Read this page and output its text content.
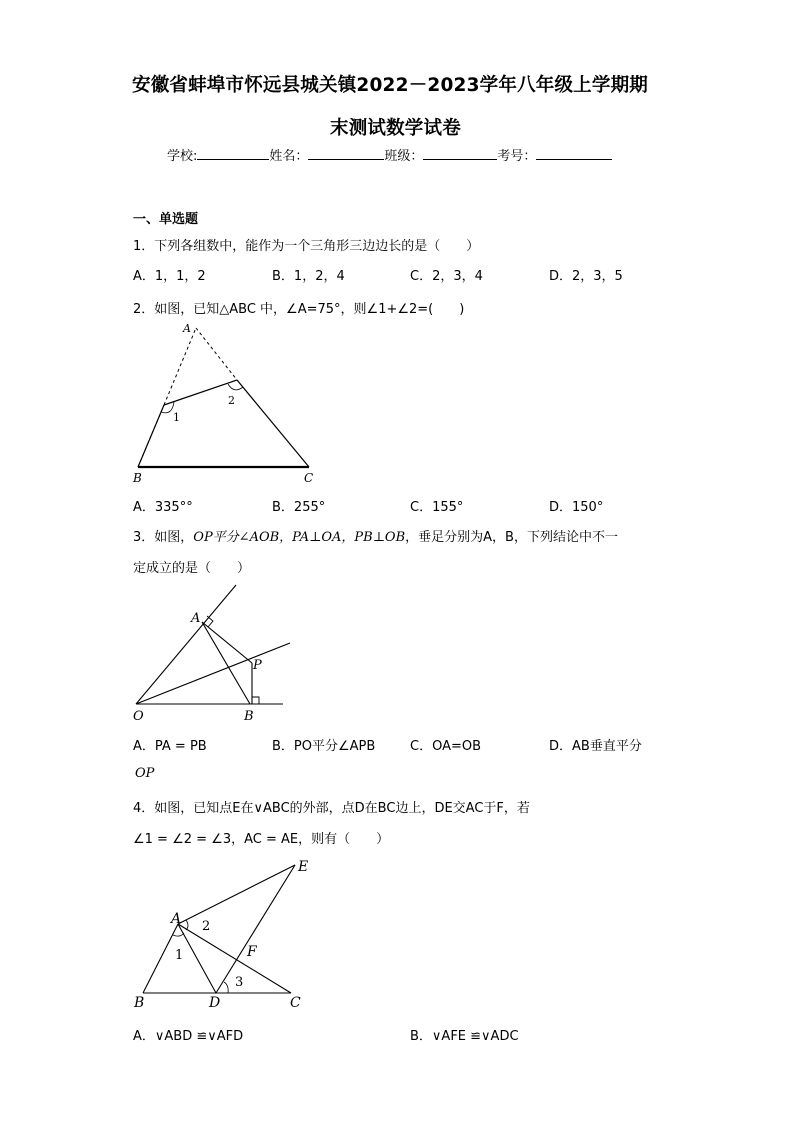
安徽省蚌埠市怀远县城关镇2022－2023学年八年级上学期期
末测试数学试卷
学校:	姓名：	班级：	考号：
一、单选题
1．下列各组数中，能作为一个三角形三边边长的是（　　）
A．1，1，2	B．1，2，4	C．2，3，4	D．2，3，5
2．如图，已知△ABC 中，∠A=75°，则∠1+∠2=(　　)
A
1
2
B	C
A．335°°	B．255°	C．155°	D．150°
3．如图，OP平分∠AOB，PA⊥OA，PB⊥OB，垂足分别为A，B，下列结论中不一
定成立的是（　　）
A
P
O	B
A．PA = PB	B．PO平分∠APB	C．OA=OB	D．AB垂直平分
OP
4．如图，已知点E在∨ABC的外部，点D在BC边上，DE交AC于F，若
∠1 = ∠2 = ∠3，AC = AE，则有（　　）
A 2
1	F
3
E
B	D	C
A．∨ABD ≌∨AFD	B．∨AFE ≌∨ADC
